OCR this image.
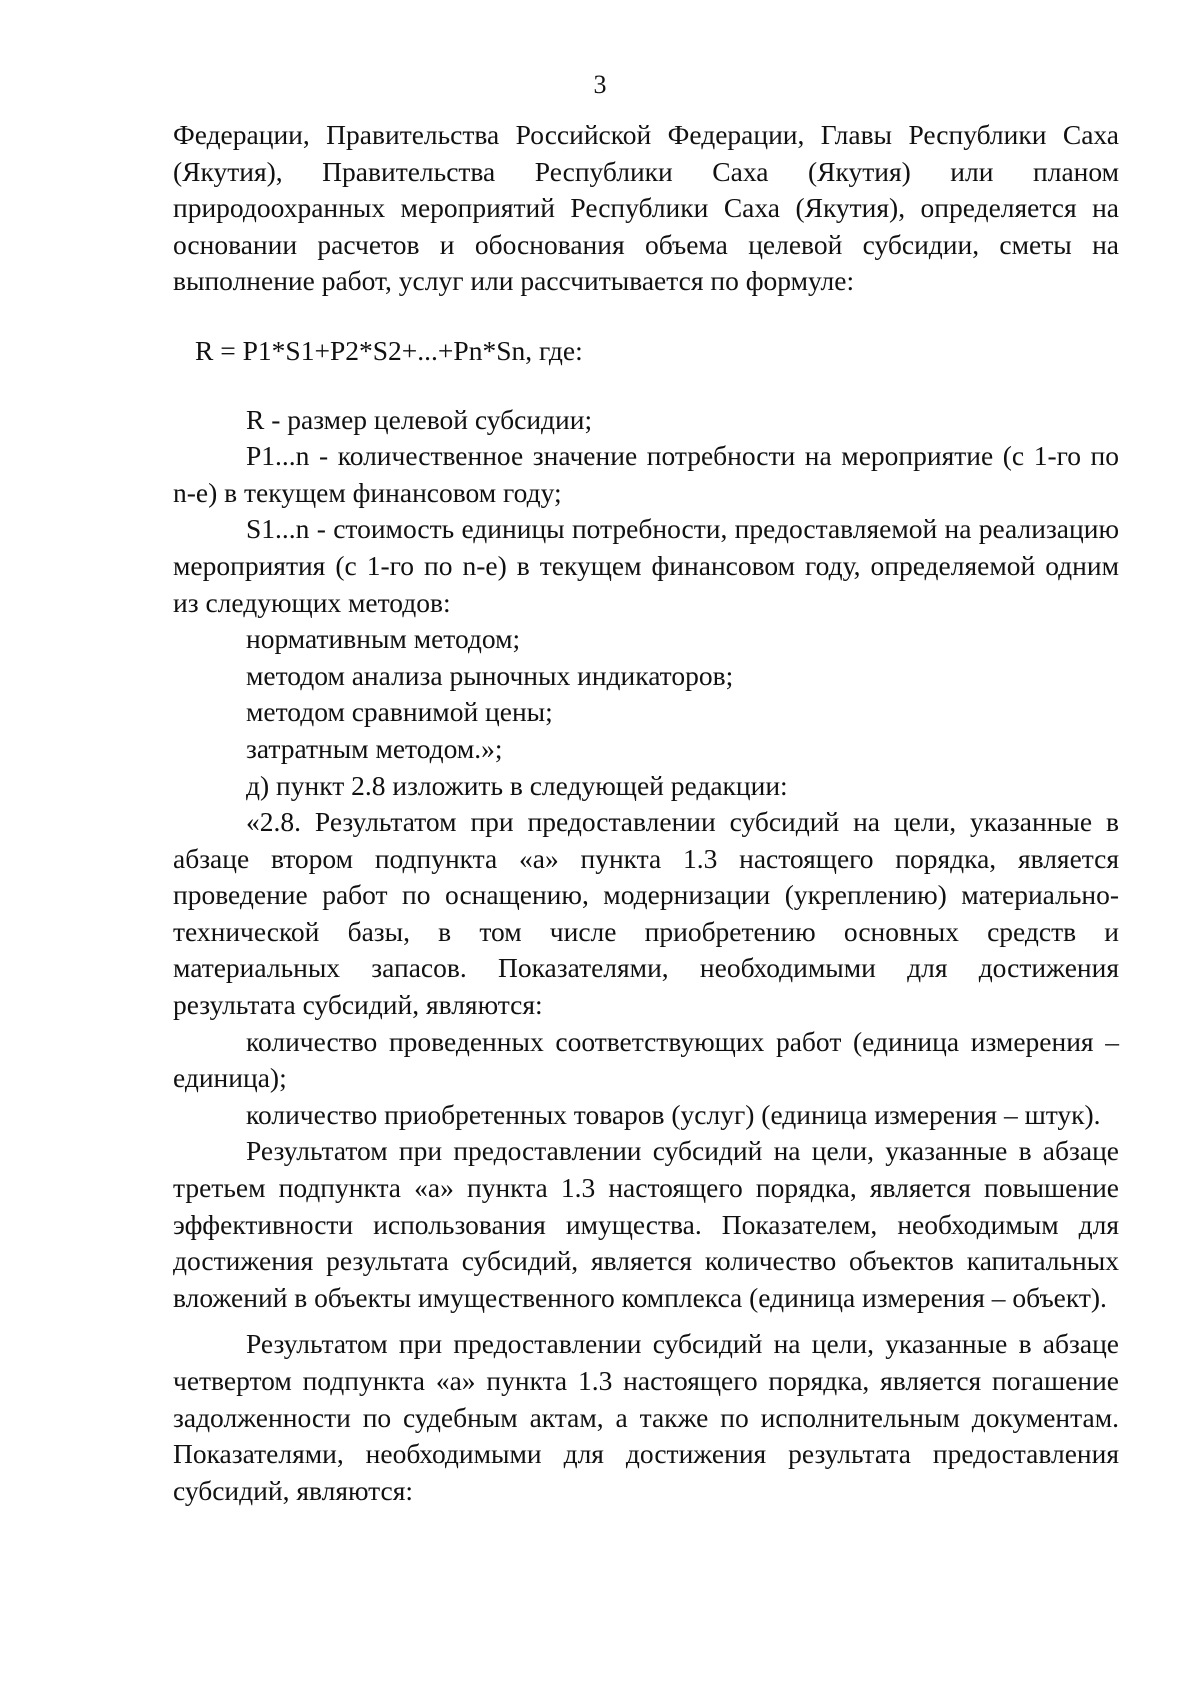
3

Федерации, Правительства Российской Федерации, Главы Республики Саха (Якутия), Правительства Республики Саха (Якутия) или планом природоохранных мероприятий Республики Саха (Якутия), определяется на основании расчетов и обоснования объема целевой субсидии, сметы на выполнение работ, услуг или рассчитывается по формуле:

R = P1*S1+P2*S2+...+Pn*Sn, где:

R - размер целевой субсидии;

P1...n - количественное значение потребности на мероприятие (с 1-го по n-е) в текущем финансовом году;

S1...n - стоимость единицы потребности, предоставляемой на реализацию мероприятия (с 1-го по n-е) в текущем финансовом году, определяемой одним из следующих методов:

нормативным методом;

методом анализа рыночных индикаторов;

методом сравнимой цены;

затратным методом.»;

д) пункт 2.8 изложить в следующей редакции:

«2.8. Результатом при предоставлении субсидий на цели, указанные в абзаце втором подпункта «а» пункта 1.3 настоящего порядка, является проведение работ по оснащению, модернизации (укреплению) материально-технической базы, в том числе приобретению основных средств и материальных запасов. Показателями, необходимыми для достижения результата субсидий, являются:

количество проведенных соответствующих работ (единица измерения – единица);

количество приобретенных товаров (услуг) (единица измерения – штук).

Результатом при предоставлении субсидий на цели, указанные в абзаце третьем подпункта «а» пункта 1.3 настоящего порядка, является повышение эффективности использования имущества. Показателем, необходимым для достижения результата субсидий, является количество объектов капитальных вложений в объекты имущественного комплекса (единица измерения – объект).

Результатом при предоставлении субсидий на цели, указанные в абзаце четвертом подпункта «а» пункта 1.3 настоящего порядка, является погашение задолженности по судебным актам, а также по исполнительным документам. Показателями, необходимыми для достижения результата предоставления субсидий, являются:
